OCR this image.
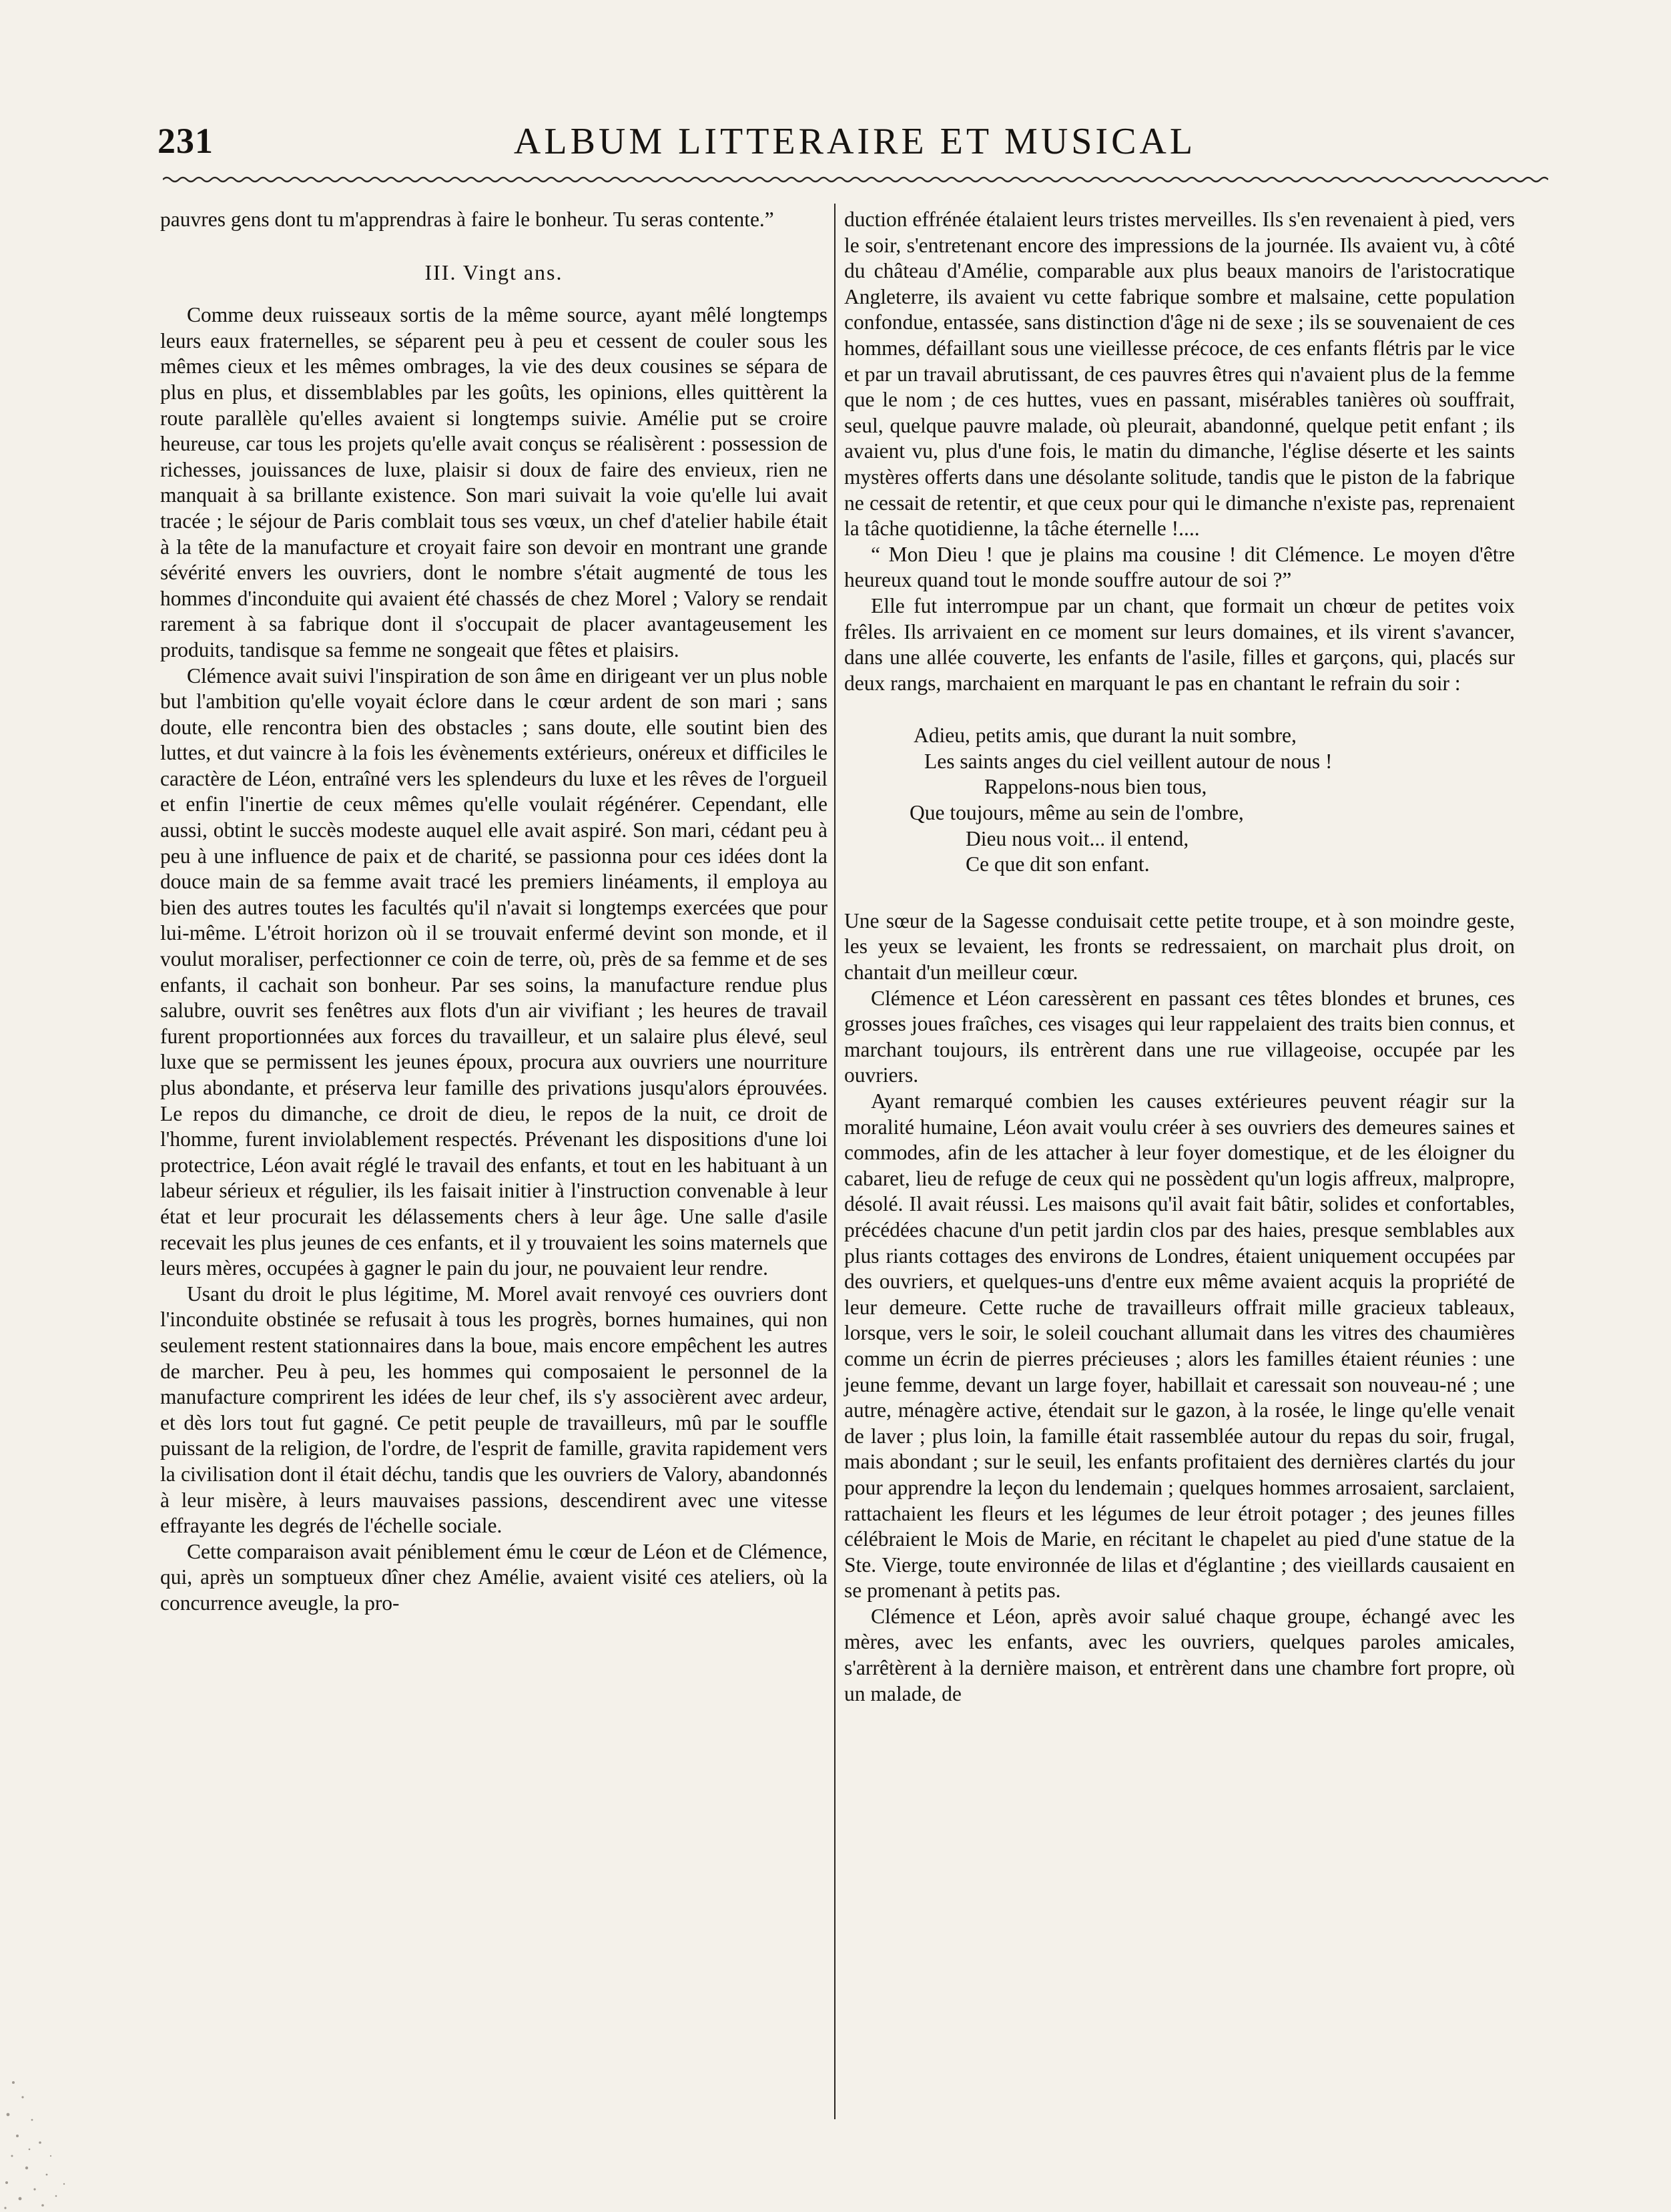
231	ALBUM LITTERAIRE ET MUSICAL

pauvres gens dont tu m'apprendras à faire le bonheur. Tu seras contente.”

III. Vingt ans.

Comme deux ruisseaux sortis de la même source, ayant mêlé longtemps leurs eaux fraternelles, se séparent peu à peu et cessent de couler sous les mêmes cieux et les mêmes ombrages, la vie des deux cousines se sépara de plus en plus, et dissemblables par les goûts, les opinions, elles quittèrent la route parallèle qu'elles avaient si longtemps suivie. Amélie put se croire heureuse, car tous les projets qu'elle avait conçus se réalisèrent : possession de richesses, jouissances de luxe, plaisir si doux de faire des envieux, rien ne manquait à sa brillante existence. Son mari suivait la voie qu'elle lui avait tracée ; le séjour de Paris comblait tous ses vœux, un chef d'atelier habile était à la tête de la manufacture et croyait faire son devoir en montrant une grande sévérité envers les ouvriers, dont le nombre s'était augmenté de tous les hommes d'inconduite qui avaient été chassés de chez Morel ; Valory se rendait rarement à sa fabrique dont il s'occupait de placer avantageusement les produits, tandisque sa femme ne songeait que fêtes et plaisirs.

Clémence avait suivi l'inspiration de son âme en dirigeant ver un plus noble but l'ambition qu'elle voyait éclore dans le cœur ardent de son mari ; sans doute, elle rencontra bien des obstacles ; sans doute, elle soutint bien des luttes, et dut vaincre à la fois les évènements extérieurs, onéreux et difficiles le caractère de Léon, entraîné vers les splendeurs du luxe et les rêves de l'orgueil et enfin l'inertie de ceux mêmes qu'elle voulait régénérer. Cependant, elle aussi, obtint le succès modeste auquel elle avait aspiré. Son mari, cédant peu à peu à une influence de paix et de charité, se passionna pour ces idées dont la douce main de sa femme avait tracé les premiers linéaments, il employa au bien des autres toutes les facultés qu'il n'avait si longtemps exercées que pour lui-même. L'étroit horizon où il se trouvait enfermé devint son monde, et il voulut moraliser, perfectionner ce coin de terre, où, près de sa femme et de ses enfants, il cachait son bonheur. Par ses soins, la manufacture rendue plus salubre, ouvrit ses fenêtres aux flots d'un air vivifiant ; les heures de travail furent proportionnées aux forces du travailleur, et un salaire plus élevé, seul luxe que se permissent les jeunes époux, procura aux ouvriers une nourriture plus abondante, et préserva leur famille des privations jusqu'alors éprouvées. Le repos du dimanche, ce droit de dieu, le repos de la nuit, ce droit de l'homme, furent inviolablement respectés. Prévenant les dispositions d'une loi protectrice, Léon avait réglé le travail des enfants, et tout en les habituant à un labeur sérieux et régulier, ils les faisait initier à l'instruction convenable à leur état et leur procurait les délassements chers à leur âge. Une salle d'asile recevait les plus jeunes de ces enfants, et il y trouvaient les soins maternels que leurs mères, occupées à gagner le pain du jour, ne pouvaient leur rendre.

Usant du droit le plus légitime, M. Morel avait renvoyé ces ouvriers dont l'inconduite obstinée se refusait à tous les progrès, bornes humaines, qui non seulement restent stationnaires dans la boue, mais encore empêchent les autres de marcher. Peu à peu, les hommes qui composaient le personnel de la manufacture comprirent les idées de leur chef, ils s'y associèrent avec ardeur, et dès lors tout fut gagné. Ce petit peuple de travailleurs, mû par le souffle puissant de la religion, de l'ordre, de l'esprit de famille, gravita rapidement vers la civilisation dont il était déchu, tandis que les ouvriers de Valory, abandonnés à leur misère, à leurs mauvaises passions, descendirent avec une vitesse effrayante les degrés de l'échelle sociale.

Cette comparaison avait péniblement ému le cœur de Léon et de Clémence, qui, après un somptueux dîner chez Amélie, avaient visité ces ateliers, où la concurrence aveugle, la pro-

duction effrénée étalaient leurs tristes merveilles. Ils s'en revenaient à pied, vers le soir, s'entretenant encore des impressions de la journée. Ils avaient vu, à côté du château d'Amélie, comparable aux plus beaux manoirs de l'aristocratique Angleterre, ils avaient vu cette fabrique sombre et malsaine, cette population confondue, entassée, sans distinction d'âge ni de sexe ; ils se souvenaient de ces hommes, défaillant sous une vieillesse précoce, de ces enfants flétris par le vice et par un travail abrutissant, de ces pauvres êtres qui n'avaient plus de la femme que le nom ; de ces huttes, vues en passant, misérables tanières où souffrait, seul, quelque pauvre malade, où pleurait, abandonné, quelque petit enfant ; ils avaient vu, plus d'une fois, le matin du dimanche, l'église déserte et les saints mystères offerts dans une désolante solitude, tandis que le piston de la fabrique ne cessait de retentir, et que ceux pour qui le dimanche n'existe pas, reprenaient la tâche quotidienne, la tâche éternelle !....

“ Mon Dieu ! que je plains ma cousine ! dit Clémence. Le moyen d'être heureux quand tout le monde souffre autour de soi ?”

Elle fut interrompue par un chant, que formait un chœur de petites voix frêles. Ils arrivaient en ce moment sur leurs domaines, et ils virent s'avancer, dans une allée couverte, les enfants de l'asile, filles et garçons, qui, placés sur deux rangs, marchaient en marquant le pas en chantant le refrain du soir :

Adieu, petits amis, que durant la nuit sombre,
Les saints anges du ciel veillent autour de nous !
Rappelons-nous bien tous,
Que toujours, même au sein de l'ombre,
Dieu nous voit... il entend,
Ce que dit son enfant.

Une sœur de la Sagesse conduisait cette petite troupe, et à son moindre geste, les yeux se levaient, les fronts se redressaient, on marchait plus droit, on chantait d'un meilleur cœur.

Clémence et Léon caressèrent en passant ces têtes blondes et brunes, ces grosses joues fraîches, ces visages qui leur rappelaient des traits bien connus, et marchant toujours, ils entrèrent dans une rue villageoise, occupée par les ouvriers.

Ayant remarqué combien les causes extérieures peuvent réagir sur la moralité humaine, Léon avait voulu créer à ses ouvriers des demeures saines et commodes, afin de les attacher à leur foyer domestique, et de les éloigner du cabaret, lieu de refuge de ceux qui ne possèdent qu'un logis affreux, malpropre, désolé. Il avait réussi. Les maisons qu'il avait fait bâtir, solides et confortables, précédées chacune d'un petit jardin clos par des haies, presque semblables aux plus riants cottages des environs de Londres, étaient uniquement occupées par des ouvriers, et quelques-uns d'entre eux même avaient acquis la propriété de leur demeure. Cette ruche de travailleurs offrait mille gracieux tableaux, lorsque, vers le soir, le soleil couchant allumait dans les vitres des chaumières comme un écrin de pierres précieuses ; alors les familles étaient réunies : une jeune femme, devant un large foyer, habillait et caressait son nouveau-né ; une autre, ménagère active, étendait sur le gazon, à la rosée, le linge qu'elle venait de laver ; plus loin, la famille était rassemblée autour du repas du soir, frugal, mais abondant ; sur le seuil, les enfants profitaient des dernières clartés du jour pour apprendre la leçon du lendemain ; quelques hommes arrosaient, sarclaient, rattachaient les fleurs et les légumes de leur étroit potager ; des jeunes filles célébraient le Mois de Marie, en récitant le chapelet au pied d'une statue de la Ste. Vierge, toute environnée de lilas et d'églantine ; des vieillards causaient en se promenant à petits pas.

Clémence et Léon, après avoir salué chaque groupe, échangé avec les mères, avec les enfants, avec les ouvriers, quelques paroles amicales, s'arrêtèrent à la dernière maison, et entrèrent dans une chambre fort propre, où un malade, de
